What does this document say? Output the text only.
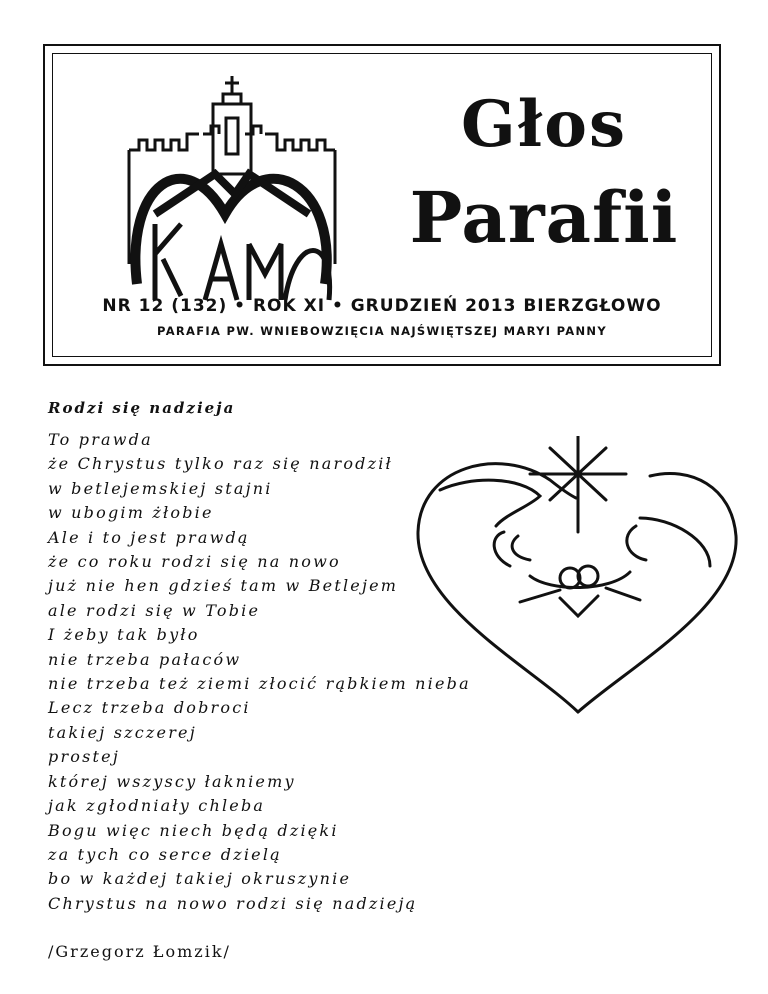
Głos
Parafii
NR 12 (132) • ROK XI • GRUDZIEŃ 2013 BIERZGŁOWO
PARAFIA PW. WNIEBOWZIĘCIA NAJŚWIĘTSZEJ MARYI PANNY
Rodzi się nadzieja
To prawda
że Chrystus tylko raz się narodził
w betlejemskiej stajni
w ubogim żłobie
Ale i to jest prawdą
że co roku rodzi się na nowo
już nie hen gdzieś tam w Betlejem
ale rodzi się w Tobie
I żeby tak było
nie trzeba pałaców
nie trzeba też ziemi złocić rąbkiem nieba
Lecz trzeba dobroci
takiej szczerej
prostej
której wszyscy łakniemy
jak zgłodniały chleba
Bogu więc niech będą dzięki
za tych co serce dzielą
bo w każdej takiej okruszynie
Chrystus na nowo rodzi się nadzieją
/Grzegorz Łomzik/
